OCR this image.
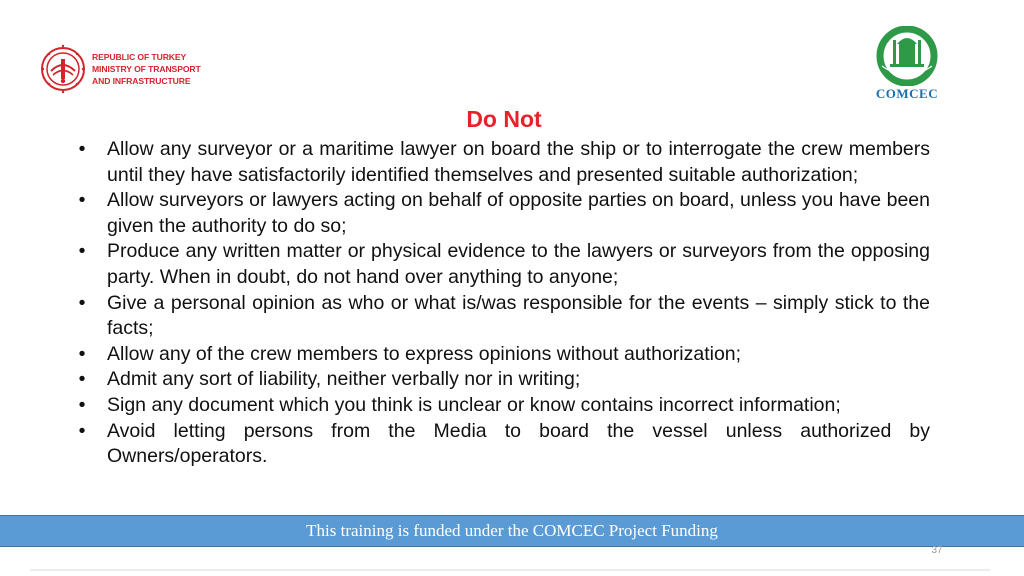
REPUBLIC OF TURKEY
MINISTRY OF TRANSPORT
AND INFRASTRUCTURE
COMCEC
Do Not
•	Allow any surveyor or a maritime lawyer on board the ship or to interrogate the crew members until they have satisfactorily identified themselves and presented suitable authorization;
•	Allow surveyors or lawyers acting on behalf of opposite parties on board, unless you have been given the authority to do so;
•	Produce any written matter or physical evidence to the lawyers or surveyors from the opposing party. When in doubt, do not hand over anything to anyone;
•	Give a personal opinion as who or what is/was responsible for the events – simply stick to the facts;
•	Allow any of the crew members to express opinions without authorization;
•	Admit any sort of liability, neither verbally nor in writing;
•	Sign any document which you think is unclear or know contains incorrect information;
•	Avoid letting persons from the Media to board the vessel unless authorized by Owners/operators.
This training is funded under the COMCEC Project Funding
37
